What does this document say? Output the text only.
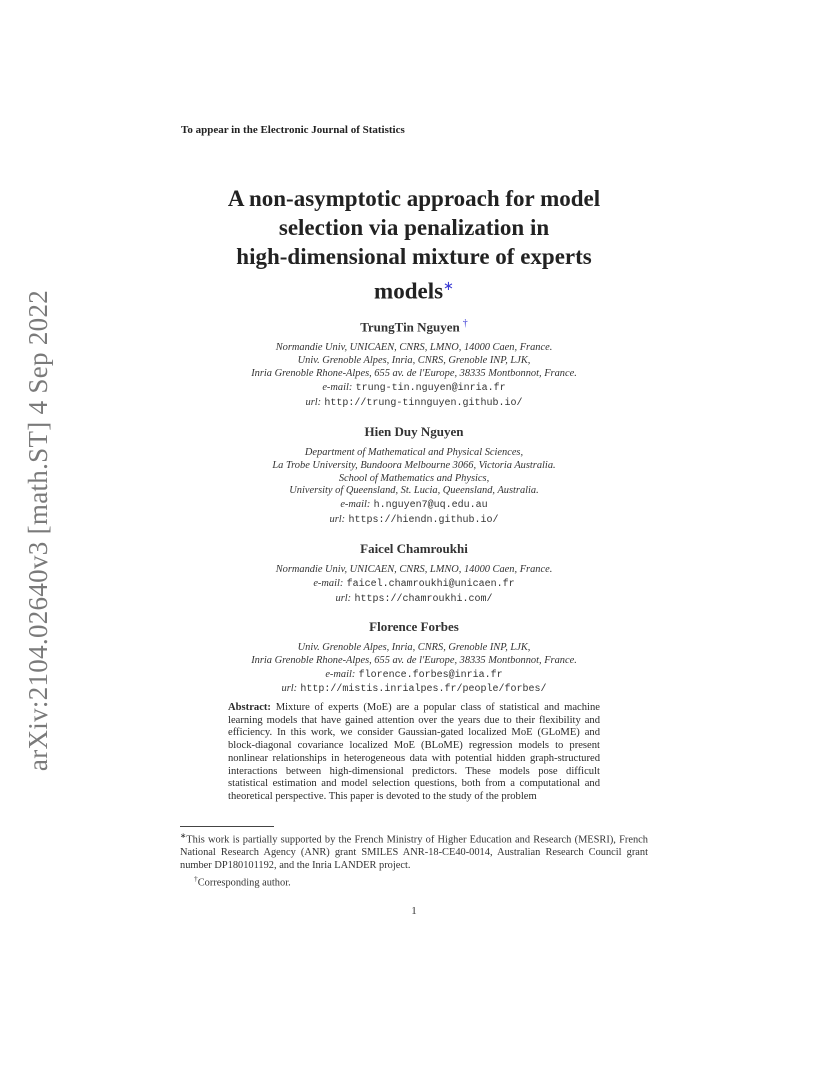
arXiv:2104.02640v3 [math.ST] 4 Sep 2022
To appear in the Electronic Journal of Statistics
A non-asymptotic approach for model
selection via penalization in
high-dimensional mixture of experts
models∗
TrungTin Nguyen †
Normandie Univ, UNICAEN, CNRS, LMNO, 14000 Caen, France.
Univ. Grenoble Alpes, Inria, CNRS, Grenoble INP, LJK,
Inria Grenoble Rhone-Alpes, 655 av. de l'Europe, 38335 Montbonnot, France.
e-mail: trung-tin.nguyen@inria.fr
url: http://trung-tinnguyen.github.io/
Hien Duy Nguyen
Department of Mathematical and Physical Sciences,
La Trobe University, Bundoora Melbourne 3066, Victoria Australia.
School of Mathematics and Physics,
University of Queensland, St. Lucia, Queensland, Australia.
e-mail: h.nguyen7@uq.edu.au
url: https://hiendn.github.io/
Faicel Chamroukhi
Normandie Univ, UNICAEN, CNRS, LMNO, 14000 Caen, France.
e-mail: faicel.chamroukhi@unicaen.fr
url: https://chamroukhi.com/
Florence Forbes
Univ. Grenoble Alpes, Inria, CNRS, Grenoble INP, LJK,
Inria Grenoble Rhone-Alpes, 655 av. de l'Europe, 38335 Montbonnot, France.
e-mail: florence.forbes@inria.fr
url: http://mistis.inrialpes.fr/people/forbes/
Abstract: Mixture of experts (MoE) are a popular class of statistical and machine learning models that have gained attention over the years due to their flexibility and efficiency. In this work, we consider Gaussian-gated localized MoE (GLoME) and block-diagonal covariance localized MoE (BLoME) regression models to present nonlinear relationships in heterogeneous data with potential hidden graph-structured interactions between high-dimensional predictors. These models pose difficult statistical estimation and model selection questions, both from a computational and theoretical perspective. This paper is devoted to the study of the problem

∗This work is partially supported by the French Ministry of Higher Education and Research (MESRI), French National Research Agency (ANR) grant SMILES ANR-18-CE40-0014, Australian Research Council grant number DP180101192, and the Inria LANDER project.

†Corresponding author.

1
